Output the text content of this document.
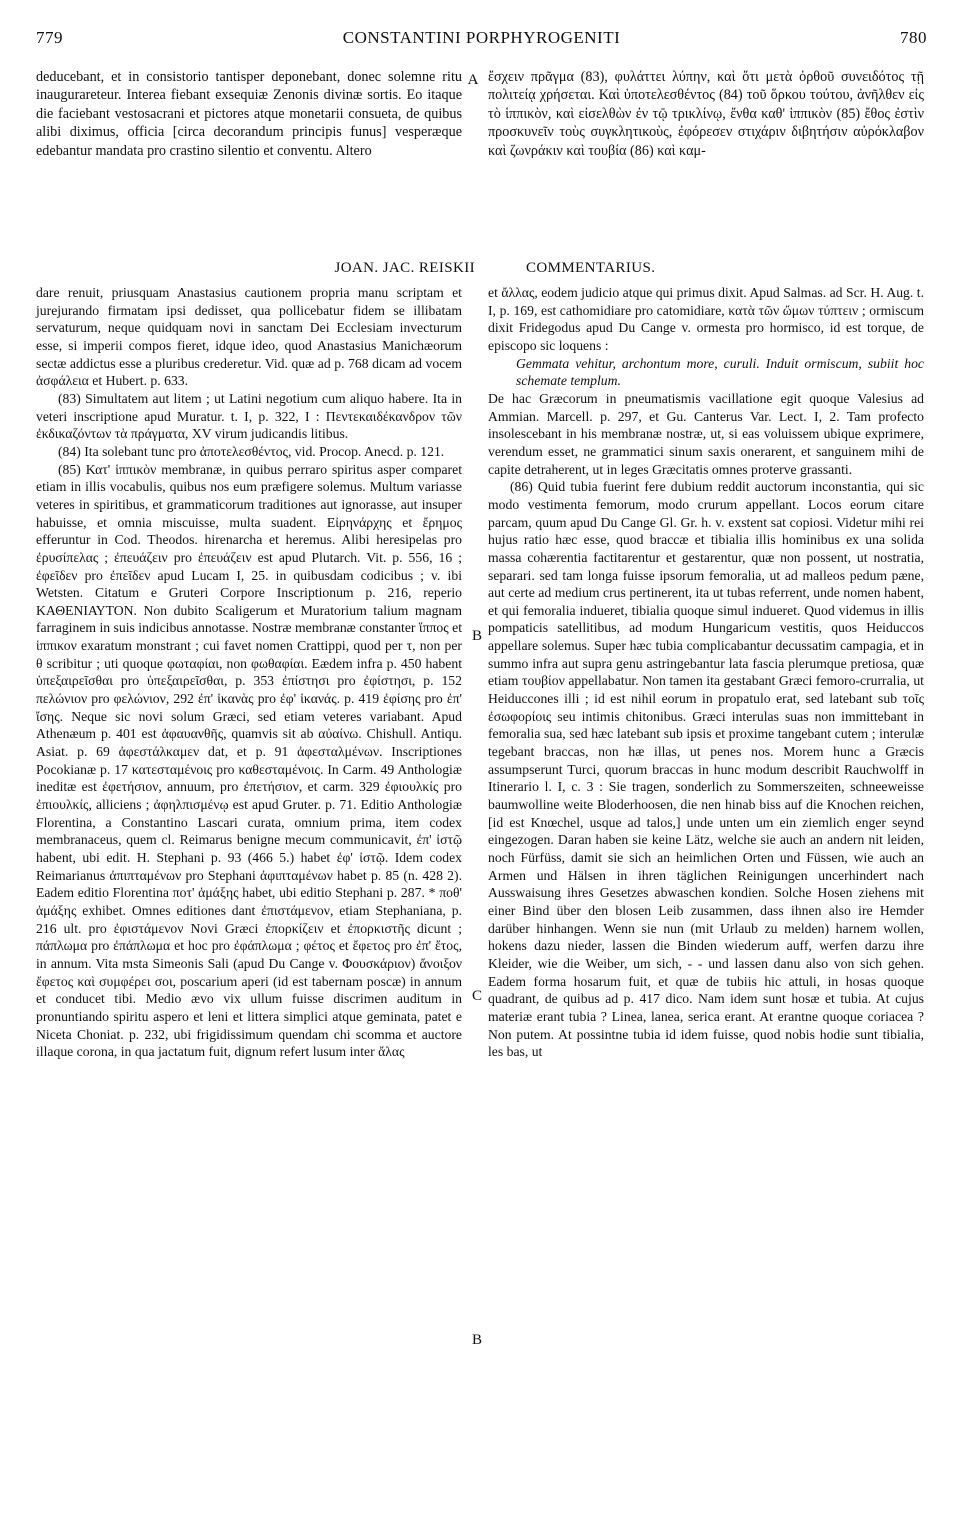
779	CONSTANTINI PORPHYROGENITI	780
A
B
C
B

deducebant, et in consistorio tantisper deponebant, donec solemne ritu inaugurareteur. Interea fiebant exsequiæ Zenonis divinæ sortis. Eo itaque die faciebant vestosacrani et pictores atque monetarii consueta, de quibus alibi diximus, officia [circa decorandum principis funus] vesperæque edebantur mandata pro crastino silentio et conventu. Altero

ἔσχειν πρᾶγμα (83), φυλάττει λύπην, καὶ ὅτι μετὰ ὀρθοῦ συνειδότος τῇ πολιτείᾳ χρήσεται. Καὶ ὑποτελεσθέντος (84) τοῦ ὅρκου τούτου, ἀνῆλθεν εἰς τὸ ἱππικὸν, καὶ εἰσελθὼν ἐν τῷ τρικλίνῳ, ἔνθα καθ' ἱππικὸν (85) ἔθος ἐστὶν προσκυνεῖν τοὺς συγκλητικοὺς, ἐφόρεσεν στιχάριν διβητήσιν αὐρόκλαβον καὶ ζωνράκιν καὶ τουβία (86) καὶ καμ-

JOAN. JAC. REISKII	COMMENTARIUS.

dare renuit, priusquam Anastasius cautionem propria manu scriptam et jurejurando firmatam ipsi dedisset, qua pollicebatur fidem se illibatam servaturum, neque quidquam novi in sanctam Dei Ecclesiam invecturum esse, si imperii compos fieret, idque ideo, quod Anastasius Manichæorum sectæ addictus esse a pluribus crederetur. Vid. quæ ad p. 768 dicam ad vocem ἀσφάλεια et Hubert. p. 633.

(83) Simultatem aut litem ; ut Latini negotium cum aliquo habere. Ita in veteri inscriptione apud Muratur. t. I, p. 322, I : Πεντεκαιδέκανδρον τῶν ἐκδικαζόντων τὰ πράγματα, XV virum judicandis litibus.

(84) Ita solebant tunc pro ἀποτελεσθέντος, vid. Procop. Anecd. p. 121.

(85) Κατ' ἱππικὸν membranæ, in quibus perraro spiritus asper comparet etiam in illis vocabulis, quibus nos eum præfigere solemus. Multum variasse veteres in spiritibus, et grammaticorum traditiones aut ignorasse, aut insuper habuisse, et omnia miscuisse, multa suadent. Εἰρηνάρχης et ἔρημος efferuntur in Cod. Theodos. hirenarcha et heremus. Alibi heresipelas pro ἐρυσίπελας ; ἐπευάζειν pro ἐπευάζειν est apud Plutarch. Vit. p. 556, 16 ; ἐφεῖδεν pro ἐπεῖδεν apud Lucam I, 25. in quibusdam codicibus ; v. ibi Wetsten. Citatum e Gruteri Corpore Inscriptionum p. 216, reperio ΚΑΘΕΝΙΑΥΤΟΝ. Non dubito Scaligerum et Muratorium talium magnam farraginem in suis indicibus annotasse. Nostræ membranæ constanter ἵππος et ἱππικον exaratum monstrant ; cui favet nomen Crattippi, quod per τ, non per θ scribitur ; uti quoque φωταφίαι, non φωθαφίαι. Eædem infra p. 450 habent ὑπεξαιρεῖσθαι pro ὑπεξαιρεῖσθαι, p. 353 ἐπίστησι pro ἐφίστησι, p. 152 πελώνιον pro φελώνιον, 292 ἐπ' ἱκανὰς pro ἐφ' ἱκανάς. p. 419 ἐφίσης pro ἐπ' ἴσης. Neque sic novi solum Græci, sed etiam veteres variabant. Apud Athenæum p. 401 est ἀφαυανθῆς, quamvis sit ab αὐαίνω. Chishull. Antiqu. Asiat. p. 69 ἀφεστάλκαμεν dat, et p. 91 ἀφεσταλμένων. Inscriptiones Pocokianæ p. 17 κατεσταμένοις pro καθεσταμένοις. In Carm. 49 Anthologiæ ineditæ est ἐφετήσιον, annuum, pro ἐπετήσιον, et carm. 329 ἐφιουλκίς pro ἐπιουλκίς, alliciens ; ἀφηλπισμένῳ est apud Gruter. p. 71. Editio Anthologiæ Florentina, a Constantino Lascari curata, omnium prima, item codex membranaceus, quem cl. Reimarus benigne mecum communicavit, ἐπ' ἰστῷ habent, ubi edit. H. Stephani p. 93 (466 5.) habet ἐφ' ἰστῷ. Idem codex Reimarianus ἀπιπταμένων pro Stephani ἀφιπταμένων habet p. 85 (n. 428 2). Eadem editio Florentina ποτ' ἁμάξης habet, ubi editio Stephani p. 287. * ποθ' ἁμάξης exhibet. Omnes editiones dant ἐπιστάμενον, etiam Stephaniana, p. 216 ult. pro ἐφιστάμενον Novi Græci ἐπορκίζειν et ἐπορκιστῆς dicunt ; πάπλωμα pro ἐπάπλωμα et hoc pro ἐφάπλωμα ; φέτος et ἔφετος pro ἐπ' ἔτος, in annum. Vita msta Simeonis Sali (apud Du Cange v. Φουσκάριον) ἄνοιξον ἔφετος καὶ συμφέρει σοι, poscarium aperi (id est tabernam poscæ) in annum et conducet tibi. Medio ævo vix ullum fuisse discrimen auditum in pronuntiando spiritu aspero et leni et littera simplici atque geminata, patet e Niceta Choniat. p. 232, ubi frigidissimum quendam chi scomma et auctore illaque corona, in qua jactatum fuit, dignum refert lusum inter ἄλας

et ἄλλας, eodem judicio atque qui primus dixit. Apud Salmas. ad Scr. H. Aug. t. I, p. 169, est cathomidiare pro catomidiare, κατὰ τῶν ὤμων τύπτειν ; ormiscum dixit Fridegodus apud Du Cange v. ormesta pro hormisco, id est torque, de episcopo sic loquens :

Gemmata vehitur, archontum more, curuli. Induit ormiscum, subiit hoc schemate templum.

De hac Græcorum in pneumatismis vacillatione egit quoque Valesius ad Ammian. Marcell. p. 297, et Gu. Canterus Var. Lect. I, 2. Tam profecto insolescebant in his membranæ nostræ, ut, si eas voluissem ubique exprimere, verendum esset, ne grammatici sinum saxis onerarent, et sanguinem mihi de capite detraherent, ut in leges Græcitatis omnes proterve grassanti.

(86) Quid tubia fuerint fere dubium reddit auctorum inconstantia, qui sic modo vestimenta femorum, modo crurum appellant. Locos eorum citare parcam, quum apud Du Cange Gl. Gr. h. v. exstent sat copiosi. Videtur mihi rei hujus ratio hæc esse, quod braccæ et tibialia illis hominibus ex una solida massa cohærentia factitarentur et gestarentur, quæ non possent, ut nostratia, separari. sed tam longa fuisse ipsorum femoralia, ut ad malleos pedum pæne, aut certe ad medium crus pertinerent, ita ut tubas referrent, unde nomen habent, et qui femoralia indueret, tibialia quoque simul indueret. Quod videmus in illis pompaticis satellitibus, ad modum Hungaricum vestitis, quos Heiduccos appellare solemus. Super hæc tubia complicabantur decussatim campagia, et in summo infra aut supra genu astringebantur lata fascia plerumque pretiosa, quæ etiam τουβίον appellabatur. Non tamen ita gestabant Græci femoro-crurralia, ut Heiduccones illi ; id est nihil eorum in propatulo erat, sed latebant sub τοῖς ἐσωφορίοις seu intimis chitonibus. Græci interulas suas non immittebant in femoralia sua, sed hæc latebant sub ipsis et proxime tangebant cutem ; interulæ tegebant braccas, non hæ illas, ut penes nos. Morem hunc a Græcis assumpserunt Turci, quorum braccas in hunc modum describit Rauchwolff in Itinerario l. I, c. 3 : Sie tragen, sonderlich zu Sommerszeiten, schneeweisse baumwolline weite Bloderhoosen, die nen hinab biss auf die Knochen reichen, [id est Knœchel, usque ad talos,] unde unten um ein ziemlich enger seynd eingezogen. Daran haben sie keine Lätz, welche sie auch an andern nit leiden, noch Fürfüss, damit sie sich an heimlichen Orten und Füssen, wie auch an Armen und Hälsen in ihren täglichen Reinigungen uncerhindert nach Ausswaisung ihres Gesetzes abwaschen kondien. Solche Hosen ziehens mit einer Bind über den blosen Leib zusammen, dass ihnen also ire Hemder darüber hinhangen. Wenn sie nun (mit Urlaub zu melden) harnem wollen, hokens dazu nieder, lassen die Binden wiederum auff, werfen darzu ihre Kleider, wie die Weiber, um sich, - - und lassen danu also von sich gehen. Eadem forma hosarum fuit, et quæ de tubiis hic attuli, in hosas quoque quadrant, de quibus ad p. 417 dico. Nam idem sunt hosæ et tubia. At cujus materiæ erant tubia ? Linea, lanea, serica erant. At erantne quoque coriacea ? Non putem. At possintne tubia id idem fuisse, quod nobis hodie sunt tibialia, les bas, ut
